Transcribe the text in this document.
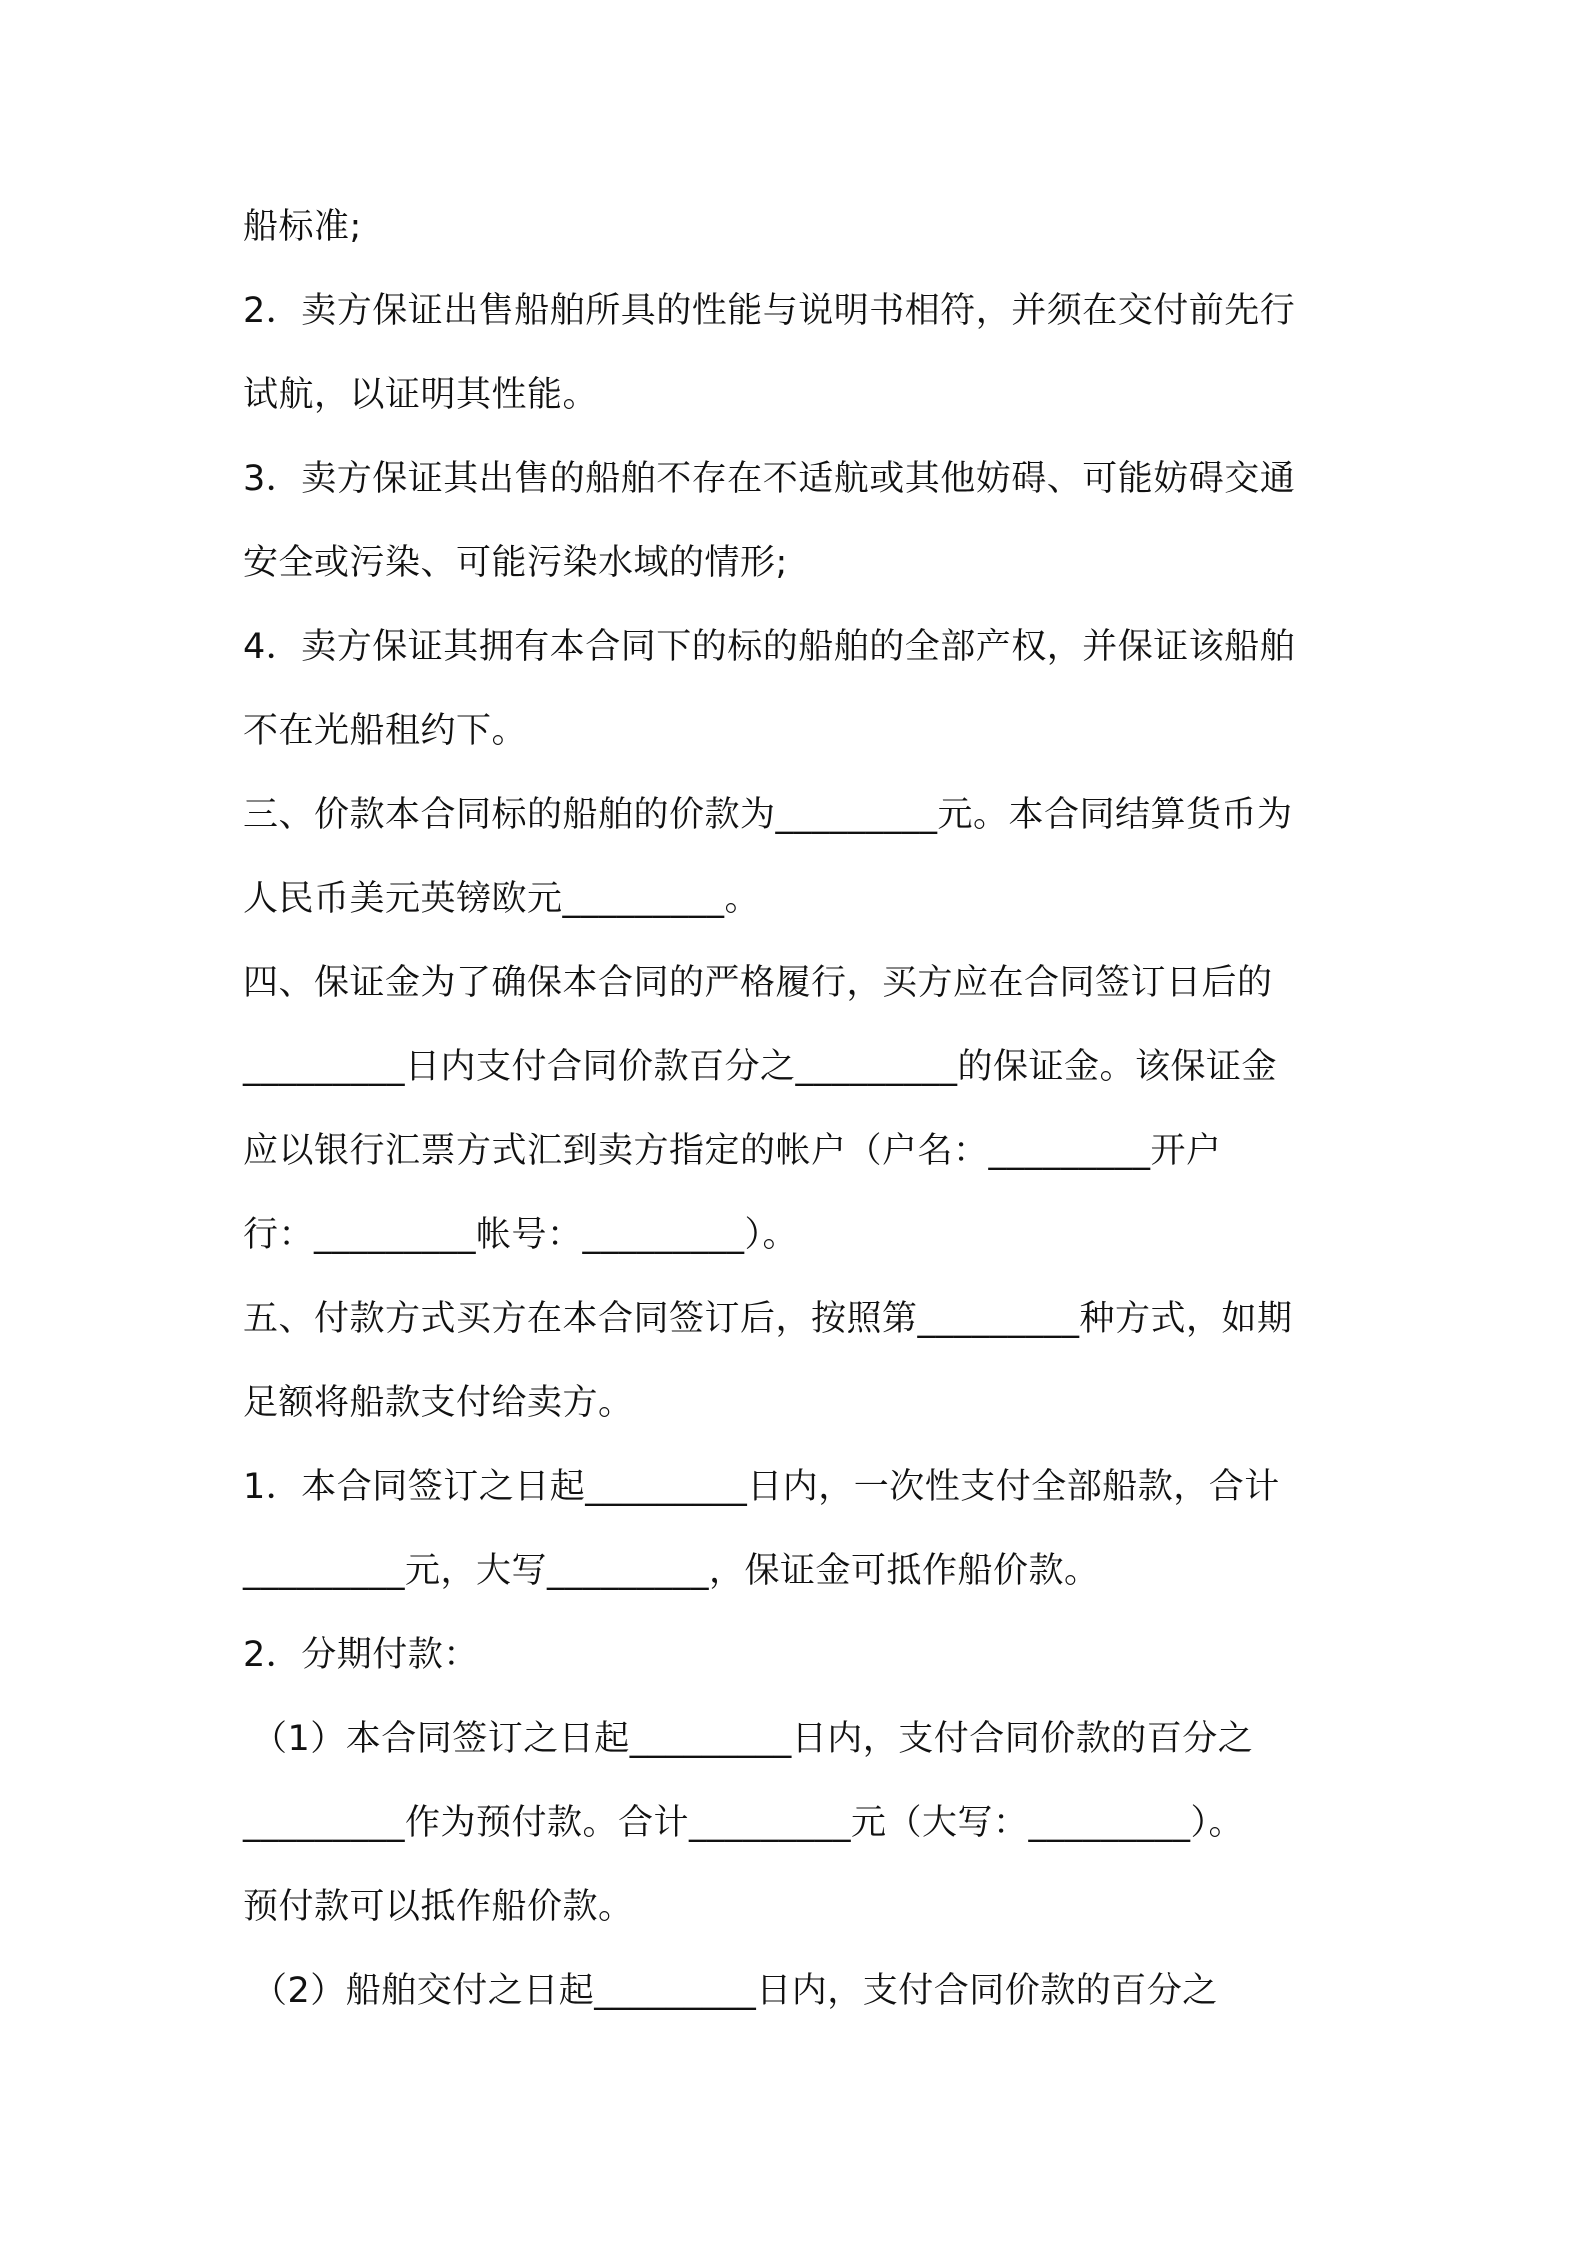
船标准;
2．卖方保证出售船舶所具的性能与说明书相符，并须在交付前先行
试航，以证明其性能。
3．卖方保证其出售的船舶不存在不适航或其他妨碍、可能妨碍交通
安全或污染、可能污染水域的情形;
4．卖方保证其拥有本合同下的标的船舶的全部产权，并保证该船舶
不在光船租约下。
三、价款本合同标的船舶的价款为_________元。本合同结算货币为
人民币美元英镑欧元_________。
四、保证金为了确保本合同的严格履行，买方应在合同签订日后的
_________日内支付合同价款百分之_________的保证金。该保证金
应以银行汇票方式汇到卖方指定的帐户（户名：_________开户
行：_________帐号：_________）。
五、付款方式买方在本合同签订后，按照第_________种方式，如期
足额将船款支付给卖方。
1．本合同签订之日起_________日内，一次性支付全部船款，合计
_________元，大写_________，保证金可抵作船价款。
2．分期付款：
（1）本合同签订之日起_________日内，支付合同价款的百分之
_________作为预付款。合计_________元（大写：_________）。
预付款可以抵作船价款。
（2）船舶交付之日起_________日内，支付合同价款的百分之
